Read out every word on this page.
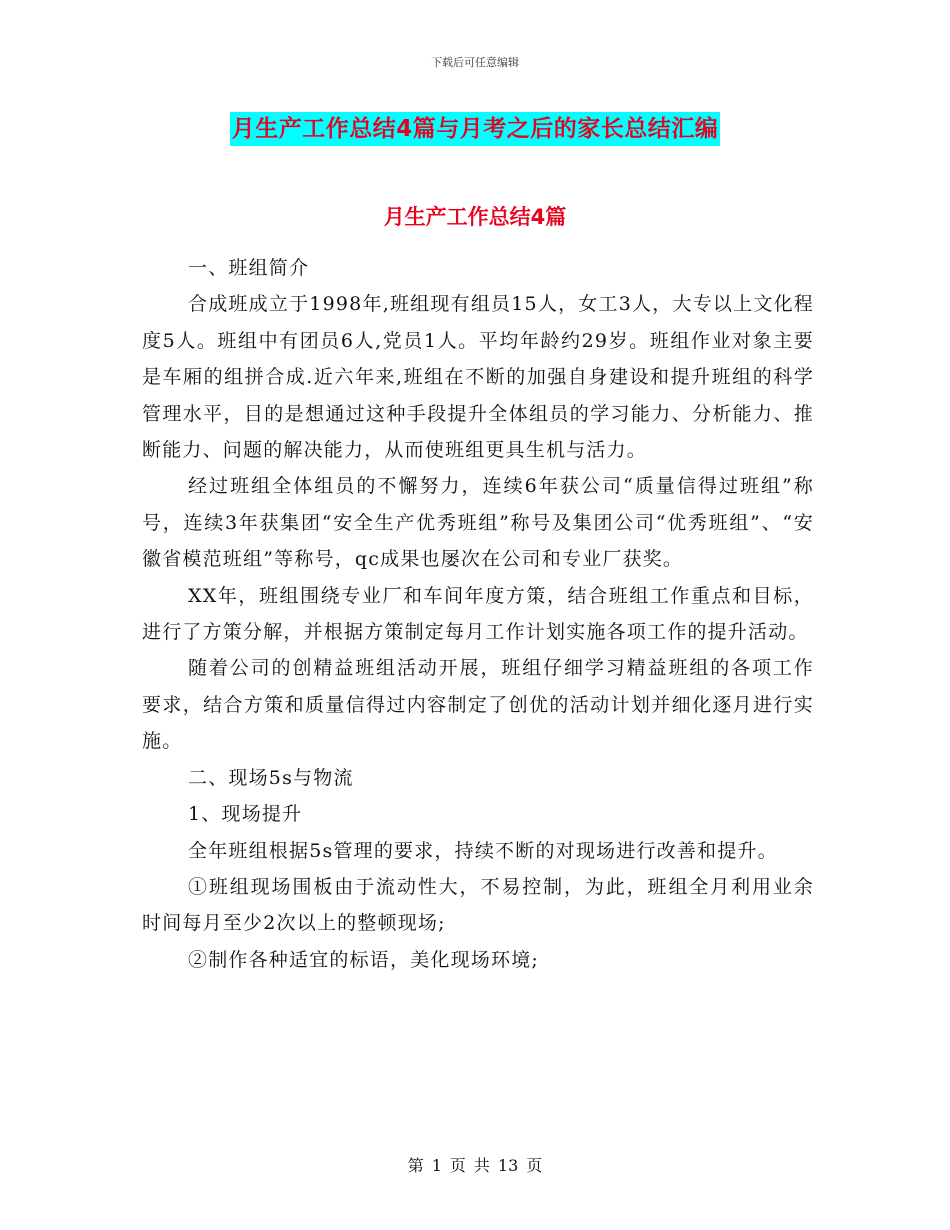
下载后可任意编辑
月生产工作总结4篇与月考之后的家长总结汇编
月生产工作总结4篇

一、班组简介

合成班成立于1998年,班组现有组员15人，女工3人，大专以上文化程度5人。班组中有团员6人,党员1人。平均年龄约29岁。班组作业对象主要是车厢的组拼合成.近六年来,班组在不断的加强自身建设和提升班组的科学管理水平，目的是想通过这种手段提升全体组员的学习能力、分析能力、推断能力、问题的解决能力，从而使班组更具生机与活力。

经过班组全体组员的不懈努力，连续6年获公司“质量信得过班组”称号，连续3年获集团“安全生产优秀班组”称号及集团公司“优秀班组”、“安徽省模范班组”等称号，qc成果也屡次在公司和专业厂获奖。

XX年，班组围绕专业厂和车间年度方策，结合班组工作重点和目标，进行了方策分解，并根据方策制定每月工作计划实施各项工作的提升活动。

随着公司的创精益班组活动开展，班组仔细学习精益班组的各项工作要求，结合方策和质量信得过内容制定了创优的活动计划并细化逐月进行实施。

二、现场5s与物流

1、现场提升

全年班组根据5s管理的要求，持续不断的对现场进行改善和提升。

①班组现场围板由于流动性大，不易控制，为此，班组全月利用业余时间每月至少2次以上的整顿现场;

②制作各种适宜的标语，美化现场环境;

第 1 页 共 13 页
